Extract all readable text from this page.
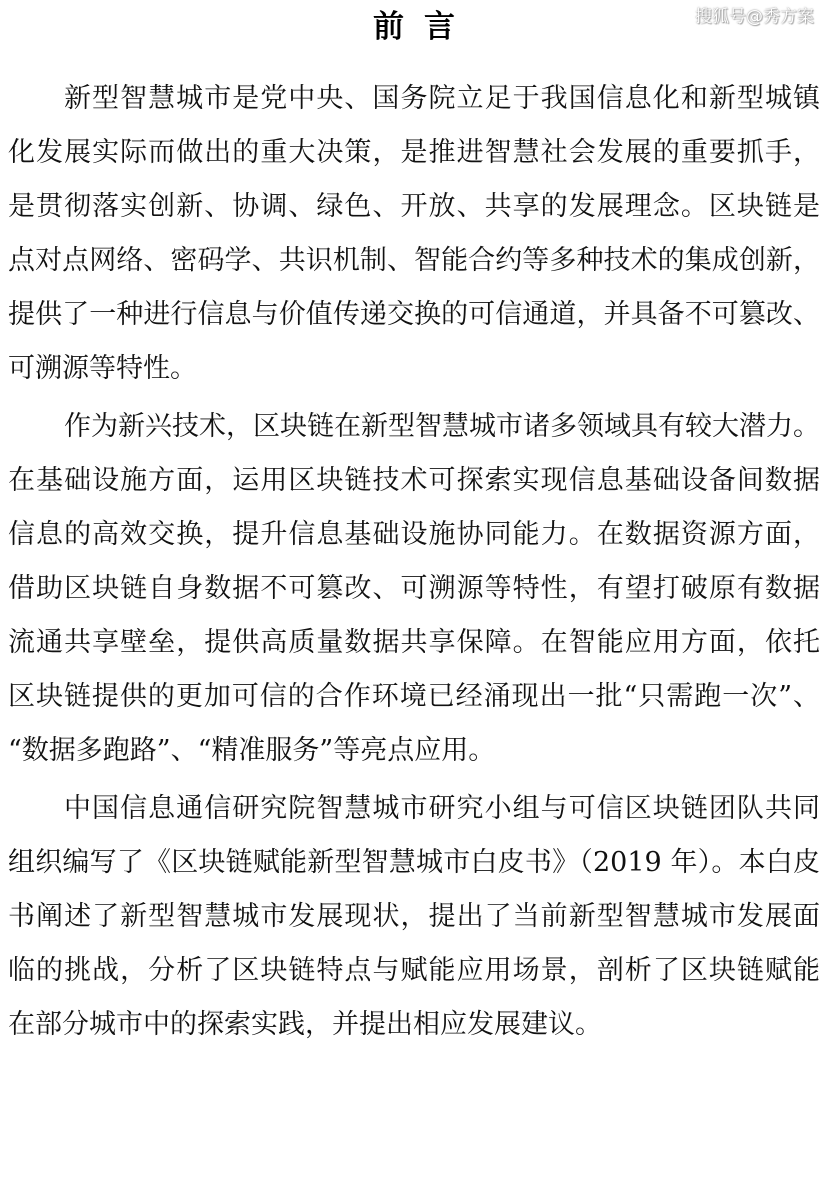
前言	搜狐号@秀方案
新型智慧城市是党中央、国务院立足于我国信息化和新型城镇
化发展实际而做出的重大决策，是推进智慧社会发展的重要抓手，
是贯彻落实创新、协调、绿色、开放、共享的发展理念。区块链是
点对点网络、密码学、共识机制、智能合约等多种技术的集成创新，
提供了一种进行信息与价值传递交换的可信通道，并具备不可篡改、
可溯源等特性。
作为新兴技术，区块链在新型智慧城市诸多领域具有较大潜力。
在基础设施方面，运用区块链技术可探索实现信息基础设备间数据
信息的高效交换，提升信息基础设施协同能力。在数据资源方面，
借助区块链自身数据不可篡改、可溯源等特性，有望打破原有数据
流通共享壁垒，提供高质量数据共享保障。在智能应用方面，依托
区块链提供的更加可信的合作环境已经涌现出一批“只需跑一次”、
“数据多跑路”、“精准服务”等亮点应用。
中国信息通信研究院智慧城市研究小组与可信区块链团队共同
组织编写了《区块链赋能新型智慧城市白皮书》（2019 年）。本白皮
书阐述了新型智慧城市发展现状，提出了当前新型智慧城市发展面
临的挑战，分析了区块链特点与赋能应用场景，剖析了区块链赋能
在部分城市中的探索实践，并提出相应发展建议。
